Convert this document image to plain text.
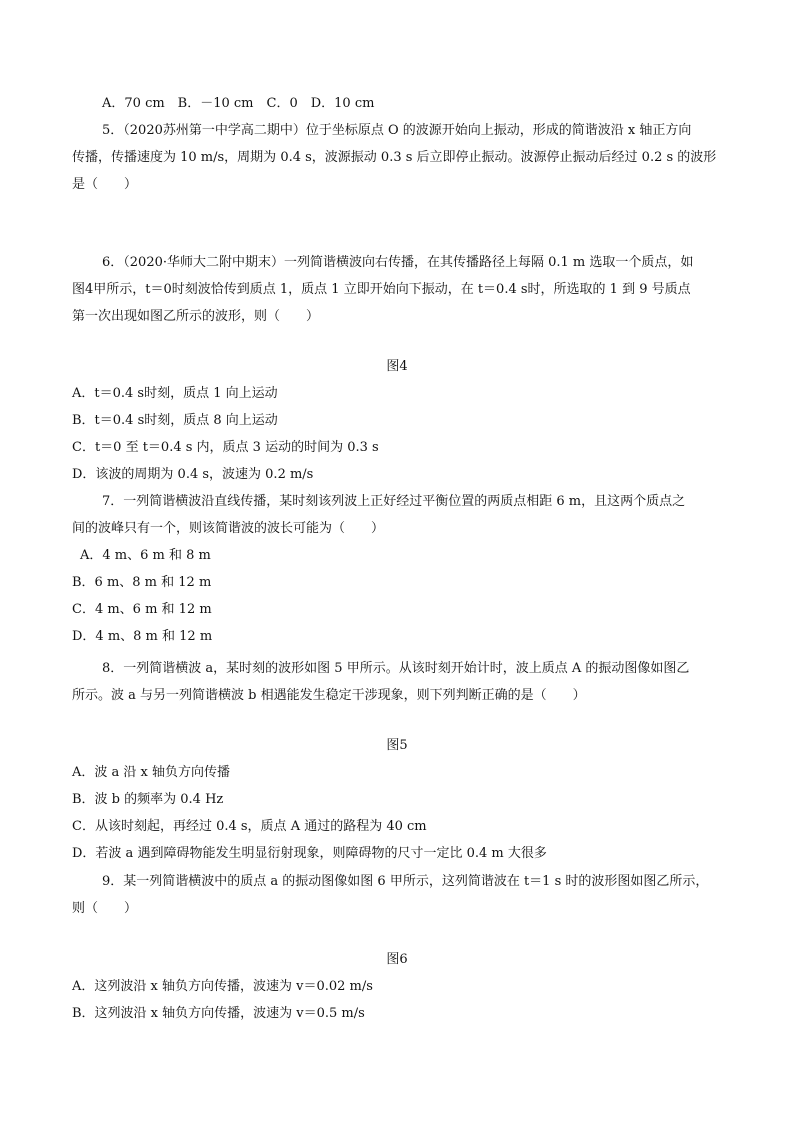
A．70 cm　B．－10 cm　C．0　D．10 cm
5．（2020苏州第一中学高二期中）位于坐标原点 O 的波源开始向上振动，形成的简谐波沿 x 轴正方向
传播，传播速度为 10 m/s，周期为 0.4 s，波源振动 0.3 s 后立即停止振动。波源停止振动后经过 0.2 s 的波形
是（　　）
6．（2020·华师大二附中期末）一列简谐横波向右传播，在其传播路径上每隔 0.1 m 选取一个质点，如
图4甲所示，t＝0时刻波恰传到质点 1，质点 1 立即开始向下振动，在 t＝0.4 s时，所选取的 1 到 9 号质点
第一次出现如图乙所示的波形，则（　　）
图4
A．t＝0.4 s时刻，质点 1 向上运动
B．t＝0.4 s时刻，质点 8 向上运动
C．t＝0 至 t＝0.4 s 内，质点 3 运动的时间为 0.3 s
D．该波的周期为 0.4 s，波速为 0.2 m/s
7．一列简谐横波沿直线传播，某时刻该列波上正好经过平衡位置的两质点相距 6 m，且这两个质点之
间的波峰只有一个，则该简谐波的波长可能为（　　）
A．4 m、6 m 和 8 m
B．6 m、8 m 和 12 m
C．4 m、6 m 和 12 m
D．4 m、8 m 和 12 m
8．一列简谐横波 a，某时刻的波形如图 5 甲所示。从该时刻开始计时，波上质点 A 的振动图像如图乙
所示。波 a 与另一列简谐横波 b 相遇能发生稳定干涉现象，则下列判断正确的是（　　）
图5
A．波 a 沿 x 轴负方向传播
B．波 b 的频率为 0.4 Hz
C．从该时刻起，再经过 0.4 s，质点 A 通过的路程为 40 cm
D．若波 a 遇到障碍物能发生明显衍射现象，则障碍物的尺寸一定比 0.4 m 大很多
9．某一列简谐横波中的质点 a 的振动图像如图 6 甲所示，这列简谐波在 t＝1 s 时的波形图如图乙所示，
则（　　）
图6
A．这列波沿 x 轴负方向传播，波速为 v＝0.02 m/s
B．这列波沿 x 轴负方向传播，波速为 v＝0.5 m/s
